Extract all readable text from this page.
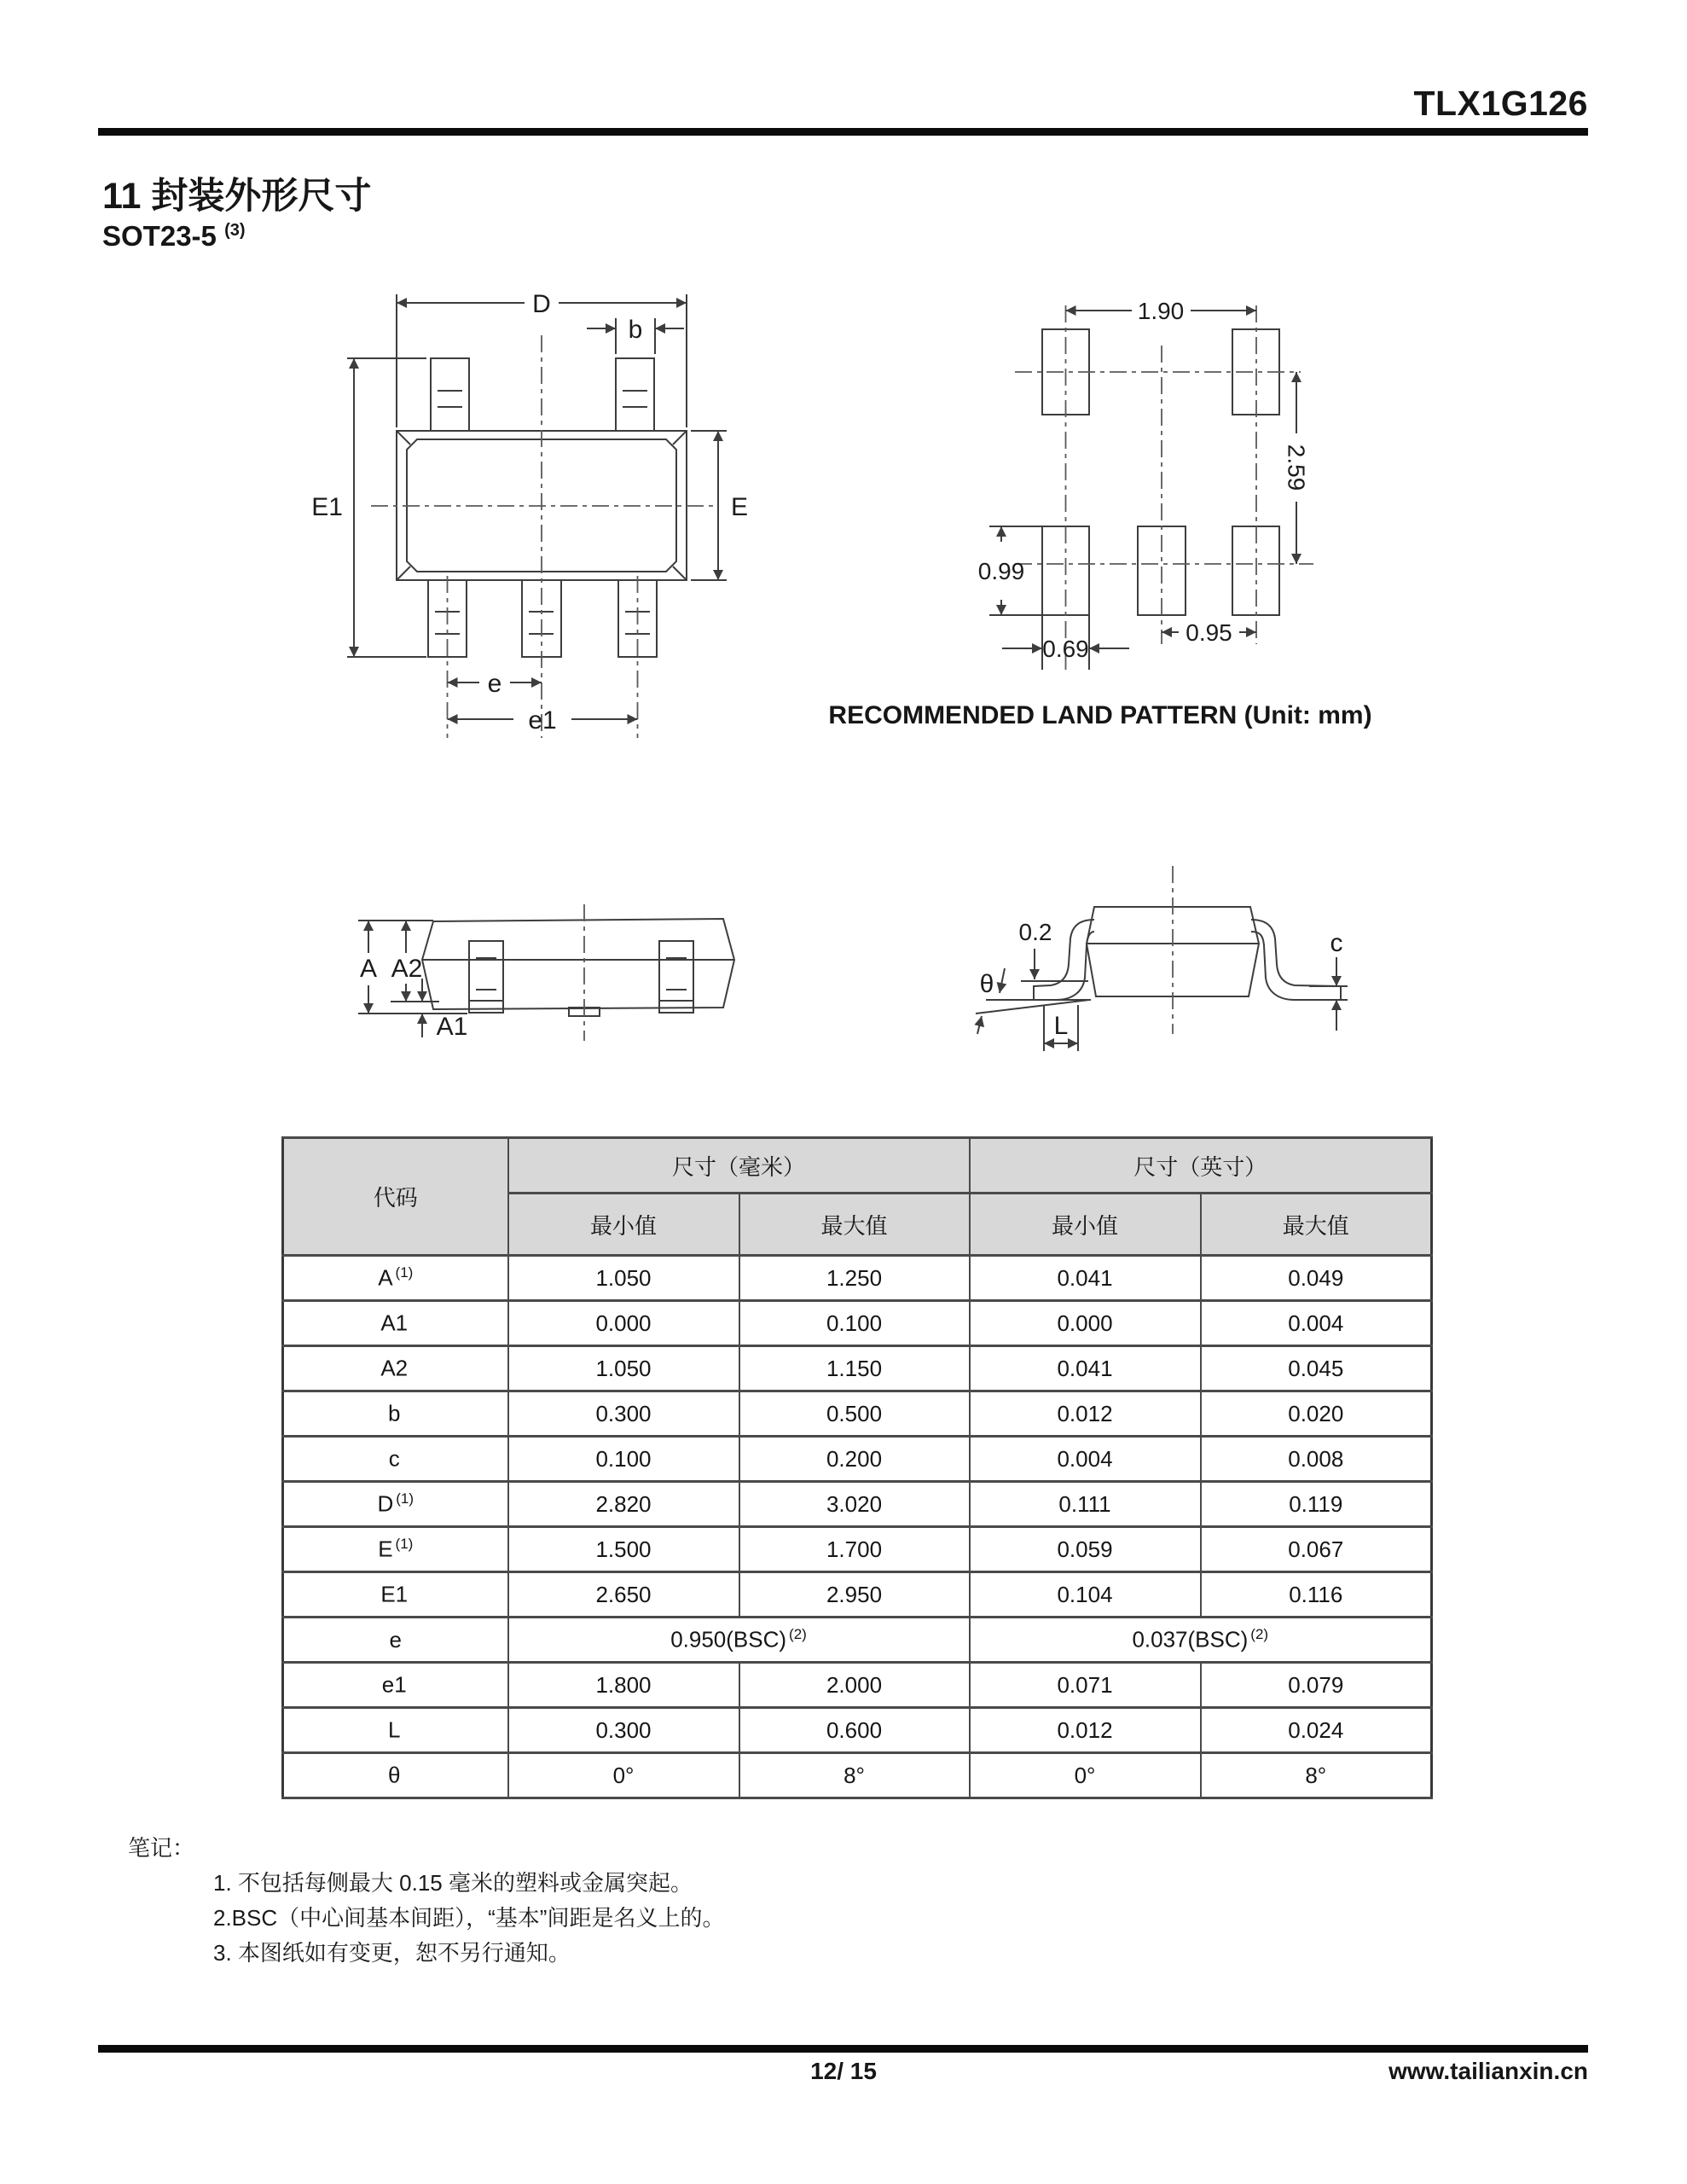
TLX1G126
11 封装外形尺寸
SOT23-5 $^{(3)}$
D
b
E1	E
e
e1
1.90
2.59
0.99
0.69
0.95
A A2
A1
0.2
θ
L
c
RECOMMENDED LAND PATTERN (Unit: mm)
代码	尺寸（毫米）		尺寸（英寸）	
	最小值	最大值	最小值	最大值
A $^{(1)}$	1.050	1.250	0.041	0.049
A1	0.000	0.100	0.000	0.004
A2	1.050	1.150	0.041	0.045
b	0.300	0.500	0.012	0.020
c	0.100	0.200	0.004	0.008
D $^{(1)}$	2.820	3.020	0.111	0.119
E $^{(1)}$	1.500	1.700	0.059	0.067
E1	2.650	2.950	0.104	0.116
e	0.950(BSC) $^{(2)}$		0.037(BSC) $^{(2)}$
e1	1.800	2.000	0.071	0.079
L	0.300	0.600	0.012	0.024
θ	0°	8°	0°	8°
笔记：
1. 不包括每侧最大 0.15 毫米的塑料或金属突起。
2.BSC（中心间基本间距），“基本”间距是名义上的。
3. 本图纸如有变更，恕不另行通知。
12/ 15	www.tailianxin.cn
